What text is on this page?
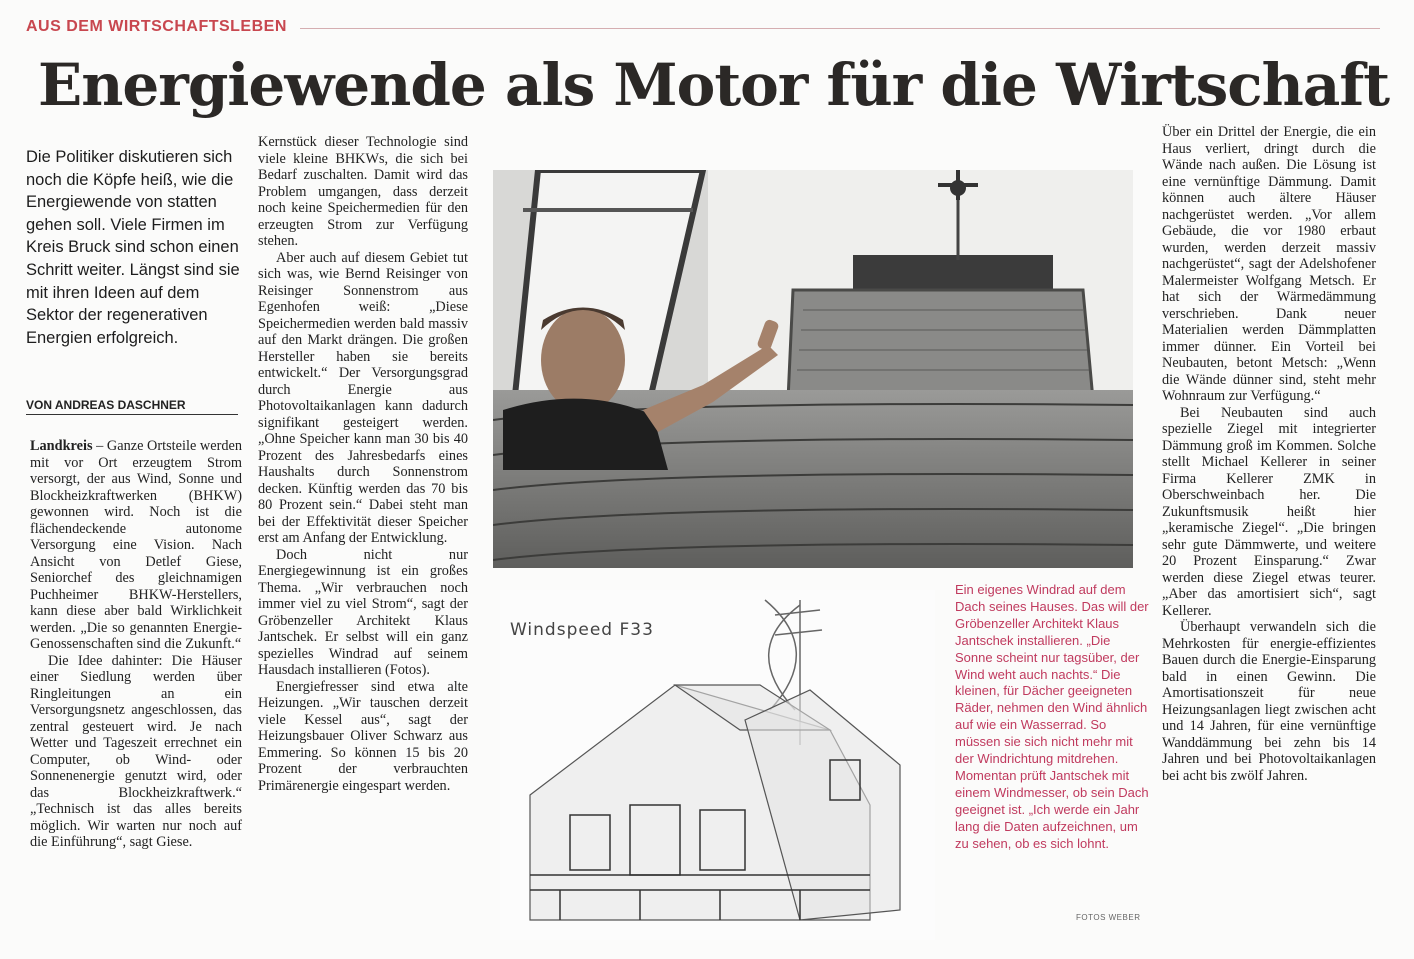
AUS DEM WIRTSCHAFTSLEBEN
Energiewende als Motor für die Wirtschaft
Die Politiker diskutieren sich noch die Köpfe heiß, wie die Energiewende von statten gehen soll. Viele Firmen im Kreis Bruck sind schon einen Schritt weiter. Längst sind sie mit ihren Ideen auf dem Sektor der regenerativen Energien erfolgreich.
VON ANDREAS DASCHNER

Landkreis – Ganze Ortsteile werden mit vor Ort erzeugtem Strom versorgt, der aus Wind, Sonne und Blockheizkraftwerken (BHKW) gewonnen wird. Noch ist die flächendeckende autonome Versorgung eine Vision. Nach Ansicht von Detlef Giese, Seniorchef des gleichnamigen Puchheimer BHKW-Herstellers, kann diese aber bald Wirklichkeit werden. „Die so genannten Energie-Genossenschaften sind die Zukunft.“

Die Idee dahinter: Die Häuser einer Siedlung werden über Ringleitungen an ein Versorgungsnetz angeschlossen, das zentral gesteuert wird. Je nach Wetter und Tageszeit errechnet ein Computer, ob Wind- oder Sonnenenergie genutzt wird, oder das Blockheizkraftwerk.“ „Technisch ist das alles bereits möglich. Wir warten nur noch auf die Einführung“, sagt Giese.

Kernstück dieser Technologie sind viele kleine BHKWs, die sich bei Bedarf zuschalten. Damit wird das Problem umgangen, dass derzeit noch keine Speichermedien für den erzeugten Strom zur Verfügung stehen.

Aber auch auf diesem Gebiet tut sich was, wie Bernd Reisinger von Reisinger Sonnenstrom aus Egenhofen weiß: „Diese Speichermedien werden bald massiv auf den Markt drängen. Die großen Hersteller haben sie bereits entwickelt.“ Der Versorgungsgrad durch Energie aus Photovoltaikanlagen kann dadurch signifikant gesteigert werden. „Ohne Speicher kann man 30 bis 40 Prozent des Jahresbedarfs eines Haushalts durch Sonnenstrom decken. Künftig werden das 70 bis 80 Prozent sein.“ Dabei steht man bei der Effektivität dieser Speicher erst am Anfang der Entwicklung.

Doch nicht nur Energiegewinnung ist ein großes Thema. „Wir verbrauchen noch immer viel zu viel Strom“, sagt der Gröbenzeller Architekt Klaus Jantschek. Er selbst will ein ganz spezielles Windrad auf seinem Hausdach installieren (Fotos).

Energiefresser sind etwa alte Heizungen. „Wir tauschen derzeit viele Kessel aus“, sagt der Heizungsbauer Oliver Schwarz aus Emmering. So können 15 bis 20 Prozent der verbrauchten Primärenergie eingespart werden.

Über ein Drittel der Energie, die ein Haus verliert, dringt durch die Wände nach außen. Die Lösung ist eine vernünftige Dämmung. Damit können auch ältere Häuser nachgerüstet werden. „Vor allem Gebäude, die vor 1980 erbaut wurden, werden derzeit massiv nachgerüstet“, sagt der Adelshofener Malermeister Wolfgang Metsch. Er hat sich der Wärmedämmung verschrieben. Dank neuer Materialien werden Dämmplatten immer dünner. Ein Vorteil bei Neubauten, betont Metsch: „Wenn die Wände dünner sind, steht mehr Wohnraum zur Verfügung.“

Bei Neubauten sind auch spezielle Ziegel mit integrierter Dämmung groß im Kommen. Solche stellt Michael Kellerer in seiner Firma Kellerer ZMK in Oberschweinbach her. Die Zukunftsmusik heißt hier „keramische Ziegel“. „Die bringen sehr gute Dämmwerte, und weitere 20 Prozent Einsparung.“ Zwar werden diese Ziegel etwas teurer. „Aber das amortisiert sich“, sagt Kellerer.

Überhaupt verwandeln sich die Mehrkosten für energie-effizientes Bauen durch die Energie-Einsparung bald in einen Gewinn. Die Amortisationszeit für neue Heizungsanlagen liegt zwischen acht und 14 Jahren, für eine vernünftige Wanddämmung bei zehn bis 14 Jahren und bei Photovoltaikanlagen bei acht bis zwölf Jahren.

Windspeed F33
Ein eigenes Windrad auf dem Dach seines Hauses. Das will der Gröbenzeller Architekt Klaus Jantschek installieren. „Die Sonne scheint nur tagsüber, der Wind weht auch nachts.“ Die kleinen, für Dächer geeigneten Räder, nehmen den Wind ähnlich auf wie ein Wasserrad. So müssen sie sich nicht mehr mit der Windrichtung mitdrehen. Momentan prüft Jantschek mit einem Windmesser, ob sein Dach geeignet ist. „Ich werde ein Jahr lang die Daten aufzeichnen, um zu sehen, ob es sich lohnt.
FOTOS WEBER
